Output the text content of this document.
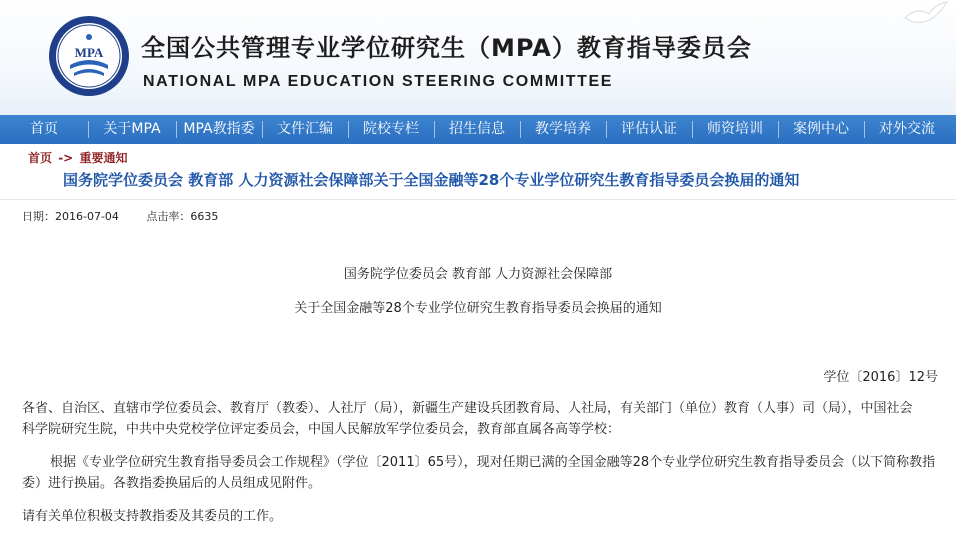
MPA 全国公共管理专业学位研究生（MPA）教育指导委员会
NATIONAL MPA EDUCATION STEERING COMMITTEE
首页	关于MPA	MPA教指委	文件汇编	院校专栏	招生信息	教学培养	评估认证	师资培训	案例中心	对外交流
首页 -> 重要通知
国务院学位委员会 教育部 人力资源社会保障部关于全国金融等28个专业学位研究生教育指导委员会换届的通知
日期：2016-07-04	点击率：6635
国务院学位委员会 教育部 人力资源社会保障部
关于全国金融等28个专业学位研究生教育指导委员会换届的通知
学位〔2016〕12号
各省、自治区、直辖市学位委员会、教育厅（教委）、人社厅（局），新疆生产建设兵团教育局、人社局，有关部门（单位）教育（人事）司（局），中国社会科学院研究生院，中共中央党校学位评定委员会，中国人民解放军学位委员会，教育部直属各高等学校：
根据《专业学位研究生教育指导委员会工作规程》（学位〔2011〕65号），现对任期已满的全国金融等28个专业学位研究生教育指导委员会（以下简称教指委）进行换届。各教指委换届后的人员组成见附件。
请有关单位积极支持教指委及其委员的工作。
